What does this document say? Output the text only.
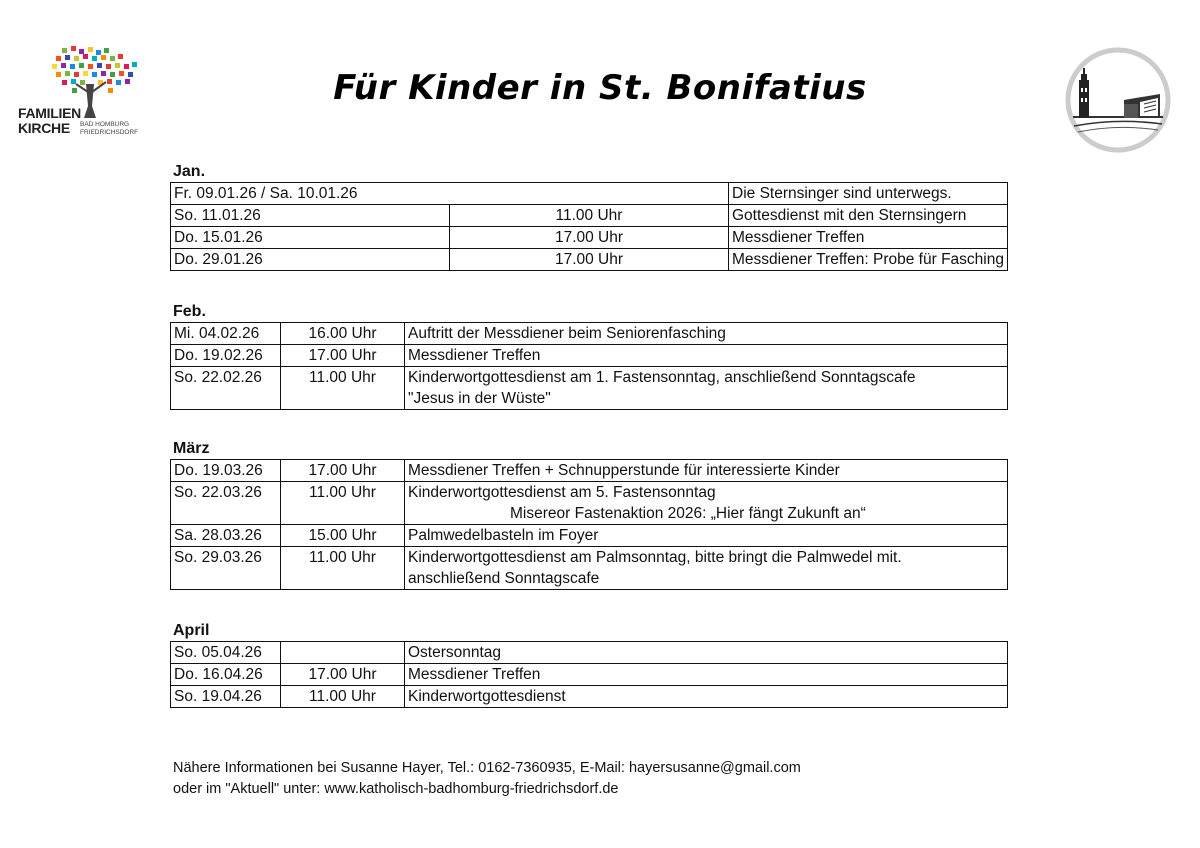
FAMILIEN
KIRCHE BAD HOMBURG
FRIEDRICHSDORF
Für Kinder in St. Bonifatius
Jan.
Fr. 09.01.26 / Sa. 10.01.26		Die Sternsinger sind unterwegs.
So. 11.01.26	11.00 Uhr	Gottesdienst mit den Sternsingern
Do. 15.01.26	17.00 Uhr	Messdiener Treffen
Do. 29.01.26	17.00 Uhr	Messdiener Treffen: Probe für Fasching
Feb.
Mi. 04.02.26	16.00 Uhr	Auftritt der Messdiener beim Seniorenfasching
Do. 19.02.26	17.00 Uhr	Messdiener Treffen
So. 22.02.26	11.00 Uhr	Kinderwortgottesdienst am 1. Fastensonntag, anschließend Sonntagscafe
"Jesus in der Wüste"
März
Do. 19.03.26	17.00 Uhr	Messdiener Treffen + Schnupperstunde für interessierte Kinder
So. 22.03.26	11.00 Uhr	Kinderwortgottesdienst am 5. Fastensonntag
Misereor Fastenaktion 2026: „Hier fängt Zukunft an“

Sa. 28.03.26	15.00 Uhr	Palmwedelbasteln im Foyer
So. 29.03.26	11.00 Uhr	Kinderwortgottesdienst am Palmsonntag, bitte bringt die Palmwedel mit.
anschließend Sonntagscafe
April
So. 05.04.26		Ostersonntag
Do. 16.04.26	17.00 Uhr	Messdiener Treffen
So. 19.04.26	11.00 Uhr	Kinderwortgottesdienst
Nähere Informationen bei Susanne Hayer, Tel.: 0162-7360935, E-Mail: hayersusanne@gmail.com
oder im "Aktuell" unter: www.katholisch-badhomburg-friedrichsdorf.de
